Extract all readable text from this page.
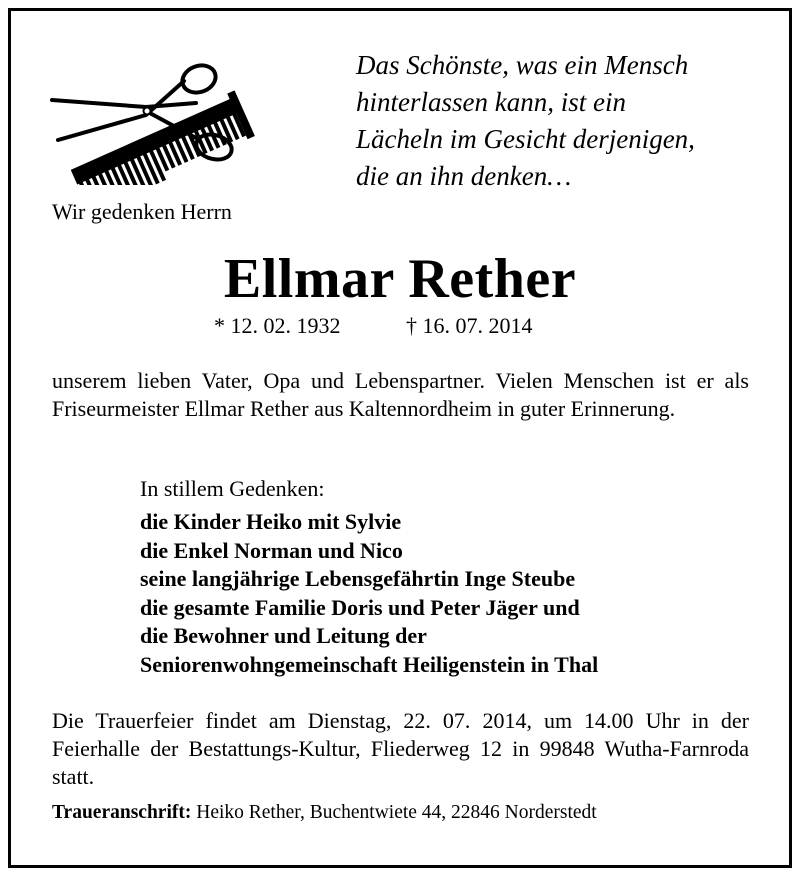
Das Schönste, was ein Mensch
hinterlassen kann, ist ein
Lächeln im Gesicht derjenigen,
die an ihn denken…
Wir gedenken Herrn
Ellmar Rether
* 12. 02. 1932	† 16. 07. 2014
unserem lieben Vater, Opa und Lebenspartner. Vielen Menschen ist er als Friseurmeister Ellmar Rether aus Kaltennordheim in guter Erinnerung.
In stillem Gedenken:
die Kinder Heiko mit Sylvie
die Enkel Norman und Nico
seine langjährige Lebensgefährtin Inge Steube
die gesamte Familie Doris und Peter Jäger und
die Bewohner und Leitung der
Seniorenwohngemeinschaft Heiligenstein in Thal
Die Trauerfeier findet am Dienstag, 22. 07. 2014, um 14.00 Uhr in der Feierhalle der Bestattungs-Kultur, Fliederweg 12 in 99848 Wutha-Farnroda statt.
Traueranschrift: Heiko Rether, Buchentwiete 44, 22846 Norderstedt
